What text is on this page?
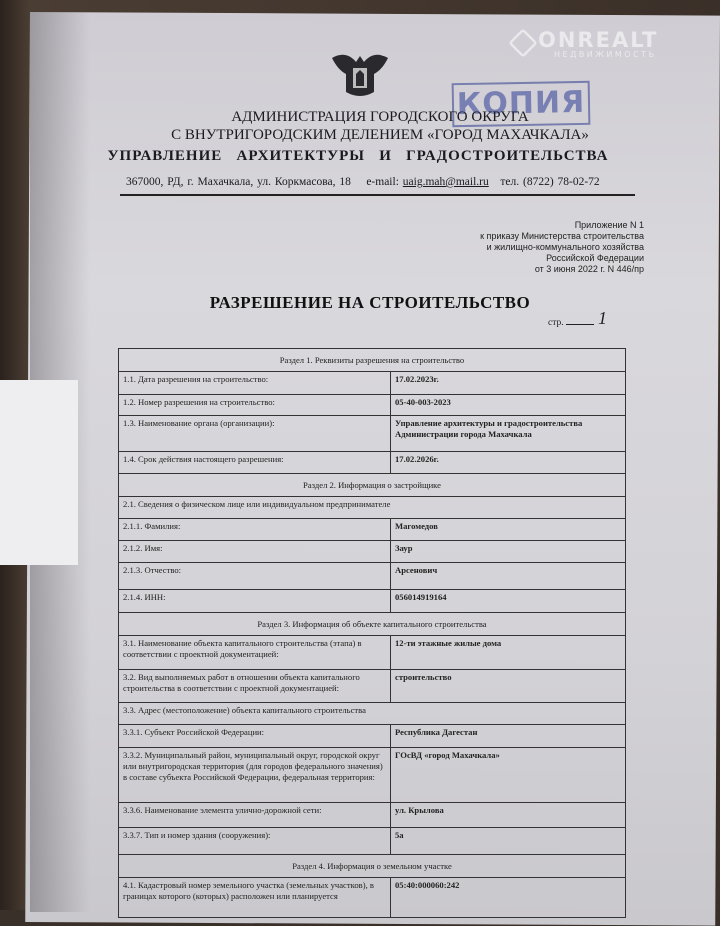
ONREALT
НЕДВИЖИМОСТЬ
КОПИЯ
АДМИНИСТРАЦИЯ ГОРОДСКОГО ОКРУГА
С ВНУТРИГОРОДСКИМ ДЕЛЕНИЕМ «ГОРОД МАХАЧКАЛА»
УПРАВЛЕНИЕ   АРХИТЕКТУРЫ   И   ГРАДОСТРОИТЕЛЬСТВА
367000, РД, г. Махачкала, ул. Коркмасова, 18 e-mail: uaig.mah@mail.ru тел. (8722) 78-02-72
Приложение N 1
к приказу Министерства строительства
и жилищно-коммунального хозяйства
Российской Федерации
от 3 июня 2022 г. N 446/пр
РАЗРЕШЕНИЕ НА СТРОИТЕЛЬСТВО
стр. 1
Раздел 1. Реквизиты разрешения на строительство	
1.1. Дата разрешения на строительство:	17.02.2023г.
1.2. Номер разрешения на строительство:	05-40-003-2023
1.3. Наименование органа (организации):	Управление архитектуры и градостроительства Администрации города Махачкала
1.4. Срок действия настоящего разрешения:	17.02.2026г.
Раздел 2. Информация о застройщике	
2.1. Сведения о физическом лице или индивидуальном предпринимателе	
2.1.1. Фамилия:	Магомедов
2.1.2. Имя:	Заур
2.1.3. Отчество:	Арсенович
2.1.4. ИНН:	056014919164
Раздел 3. Информация об объекте капитального строительства	
3.1. Наименование объекта капитального строительства (этапа) в соответствии с проектной документацией:	12-ти этажные жилые дома
3.2. Вид выполняемых работ в отношении объекта капитального строительства в соответствии с проектной документацией:	строительство
3.3. Адрес (местоположение) объекта капитального строительства	
3.3.1. Субъект Российской Федерации:	Республика Дагестан
3.3.2. Муниципальный район, муниципальный округ, городской округ или внутригородская территория (для городов федерального значения) в составе субъекта Российской Федерации, федеральная территория:	ГОсВД «город Махачкала»
3.3.6. Наименование элемента улично-дорожной сети:	ул. Крылова
3.3.7. Тип и номер здания (сооружения):	5а
Раздел 4. Информация о земельном участке	
4.1. Кадастровый номер земельного участка (земельных участков), в границах которого (которых) расположен или планируется	05:40:000060:242
